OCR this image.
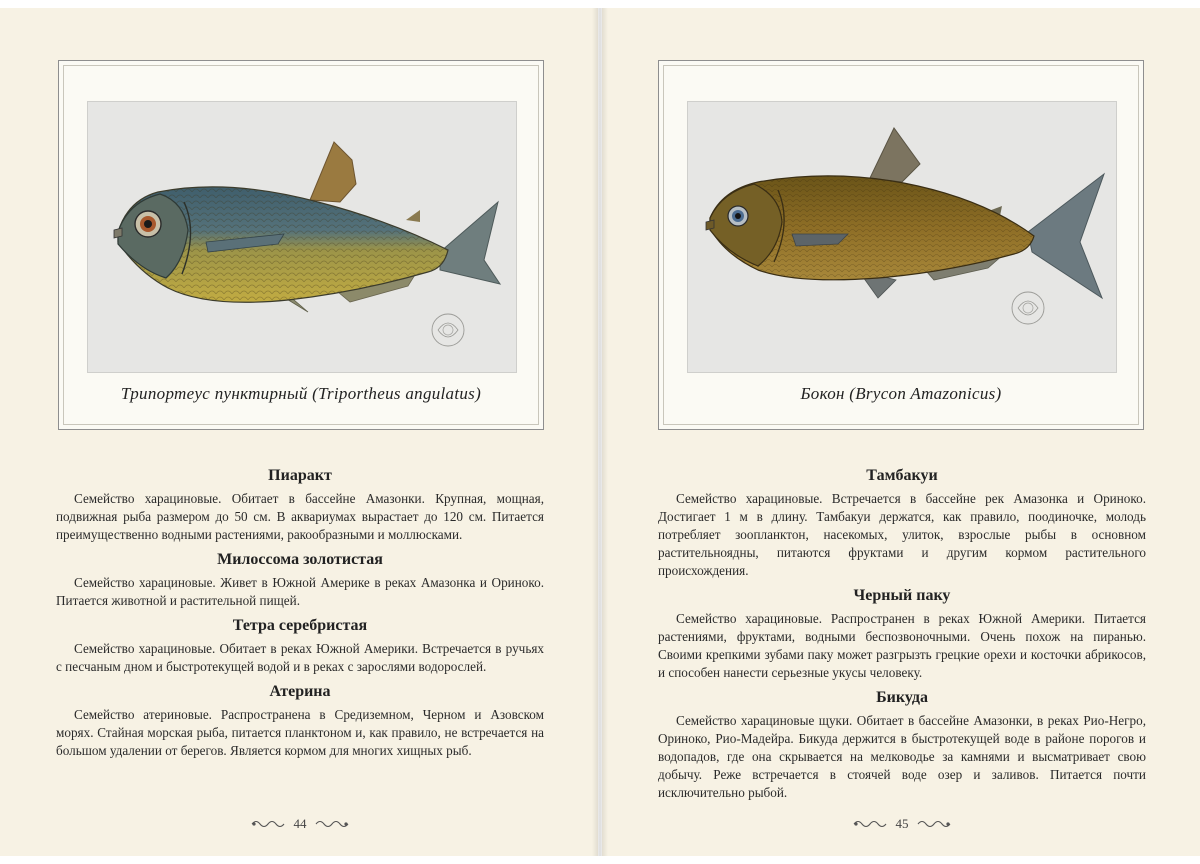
Трипортеус пунктирный (Triportheus angulatus)
Пиаракт

Семейство харациновые. Обитает в бассейне Амазонки. Крупная, мощная, подвижная рыба размером до 50 см. В аквариумах вырастает до 120 см. Питается преимущественно водными растениями, ракообразными и моллюсками.

Милоссома золотистая

Семейство харациновые. Живет в Южной Америке в реках Амазонка и Ориноко. Питается животной и растительной пищей.

Тетра серебристая

Семейство харациновые. Обитает в реках Южной Америки. Встречается в ручьях с песчаным дном и быстротекущей водой и в реках с зарослями водорослей.

Атерина

Семейство атериновые. Распространена в Средиземном, Черном и Азовском морях. Стайная морская рыба, питается планктоном и, как правило, не встречается на большом удалении от берегов. Является кормом для многих хищных рыб.

44
Бокон (Brycon Amazonicus)
Тамбакуи

Семейство харациновые. Встречается в бассейне рек Амазонка и Ориноко. Достигает 1 м в длину. Тамбакуи держатся, как правило, поодиночке, молодь потребляет зоопланктон, насекомых, улиток, взрослые рыбы в основном растительноядны, питаются фруктами и другим кормом растительного происхождения.

Черный паку

Семейство харациновые. Распространен в реках Южной Америки. Питается растениями, фруктами, водными беспозвоночными. Очень похож на пиранью. Своими крепкими зубами паку может разгрызть грецкие орехи и косточки абрикосов, и способен нанести серьезные укусы человеку.

Бикуда

Семейство харациновые щуки. Обитает в бассейне Амазонки, в реках Рио-Негро, Ориноко, Рио-Мадейра. Бикуда держится в быстротекущей воде в районе порогов и водопадов, где она скрывается на мелководье за камнями и высматривает свою добычу. Реже встречается в стоячей воде озер и заливов. Питается почти исключительно рыбой.

45
